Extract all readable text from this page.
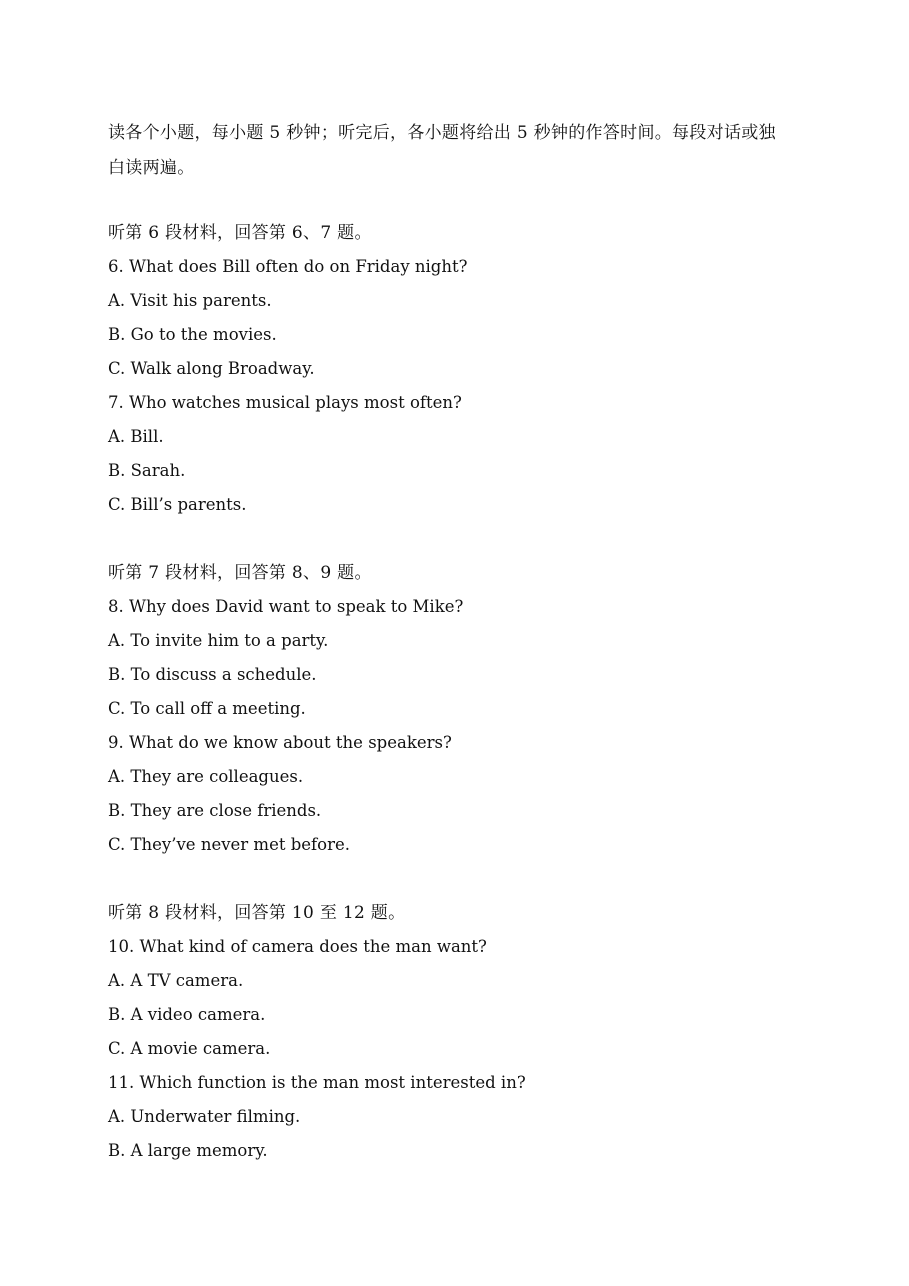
读各个小题，每小题 5 秒钟；听完后，各小题将给出 5 秒钟的作答时间。每段对话或独

白读两遍。

听第 6 段材料，回答第 6、7 题。
6. What does Bill often do on Friday night?
A. Visit his parents.
B. Go to the movies.
C. Walk along Broadway.
7. Who watches musical plays most often?
A. Bill.
B. Sarah.
C. Bill’s parents.
听第 7 段材料，回答第 8、9 题。
8. Why does David want to speak to Mike?
A. To invite him to a party.
B. To discuss a schedule.
C. To call off a meeting.
9. What do we know about the speakers?
A. They are colleagues.
B. They are close friends.
C. They’ve never met before.
听第 8 段材料，回答第 10 至 12 题。
10. What kind of camera does the man want?
A. A TV camera.
B. A video camera.
C. A movie camera.
11. Which function is the man most interested in?
A. Underwater filming.
B. A large memory.
